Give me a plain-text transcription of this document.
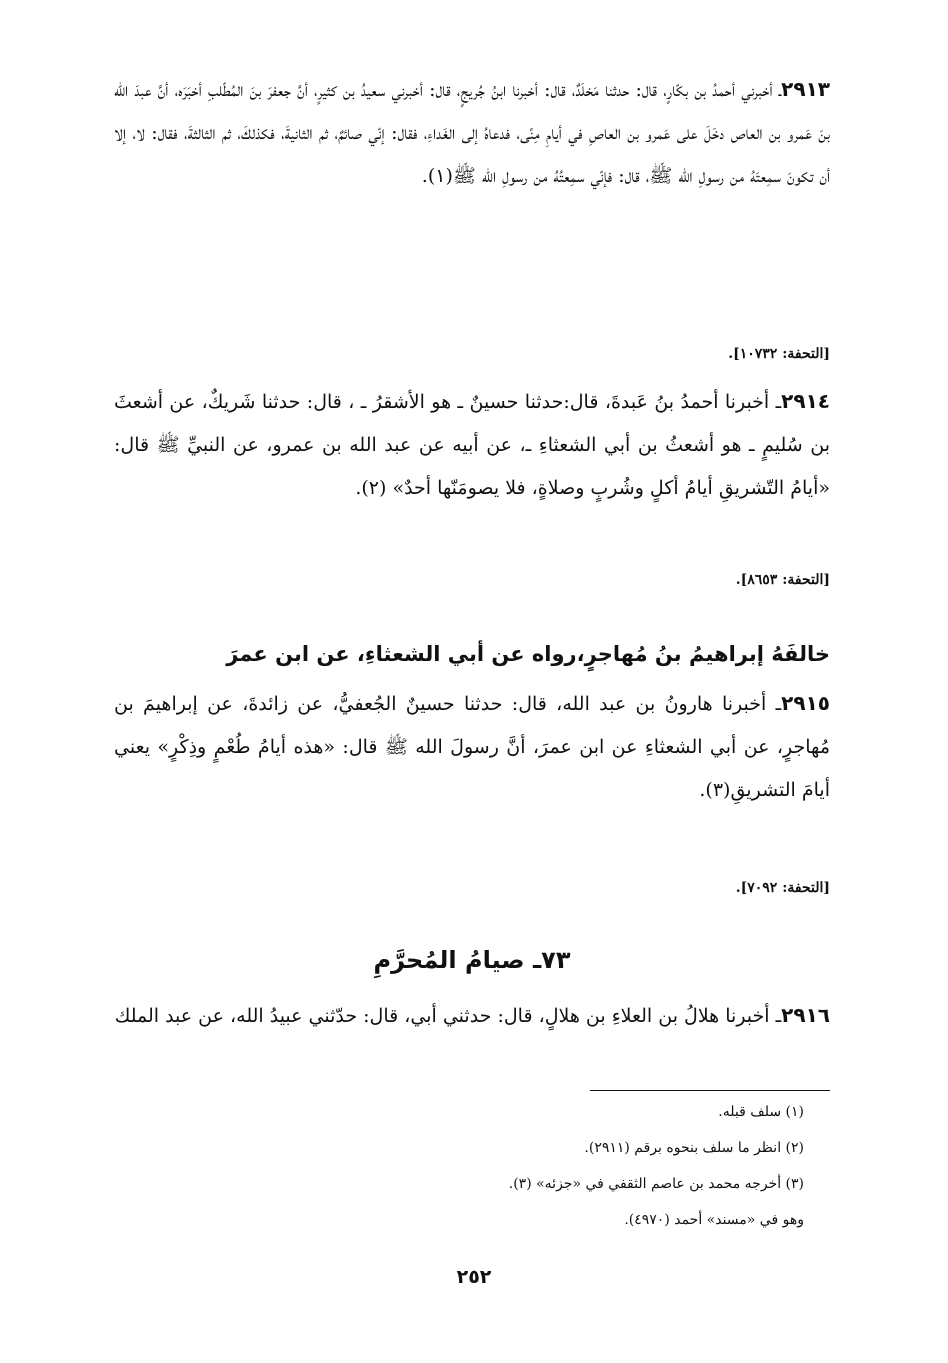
٢٩١٣ـ أخبرني أحمدُ بن بكّارٍ، قال: حدثنا مَخلَدٌ، قال: أخبرنا ابنُ جُريجٍ، قال: أخبرني سعيدُ بن كثيرٍ، أنَّ جعفرَ بنَ المُطّلبِ أخبَرَه، أنَّ عبدَ الله بنَ عَمرو بن العاص دخَلَ على عَمرو بن العاصِ في أيامِ مِنًى، فدعاهُ إلى الغَداءِ، فقال: إنّي صائمٌ، ثم الثانيةَ، فكذلكَ، ثم الثالثةَ، فقال: لا، إلا أن تكونَ سمِعتَهُ من رسولِ الله ﷺ، قال: فإنّي سمِعتُهُ من رسولِ الله ﷺ(١).

[التحفة: ١٠٧٣٢].

٢٩١٤ـ أخبرنا أحمدُ بنُ عَبدةَ، قال:حدثنا حسينٌ ـ هو الأشقرُ ـ ، قال: حدثنا شَريكٌ، عن أشعثَ بن سُليمٍ ـ هو أشعثُ بن أبي الشعثاءِ ـ، عن أبيه عن عبد الله بن عمرو، عن النبيِّ ﷺ قال: «أيامُ التّشريقِ أيامُ أكلٍ وشُربٍ وصلاةٍ، فلا يصومَنّها أحدٌ» (٢).

[التحفة: ٨٦٥٣].

خالفَهُ إبراهيمُ بنُ مُهاجرٍ،رواه عن أبي الشعثاءِ، عن ابن عمرَ

٢٩١٥ـ أخبرنا هارونُ بن عبد الله، قال: حدثنا حسينٌ الجُعفيُّ، عن زائدةَ، عن إبراهيمَ بن مُهاجرٍ، عن أبي الشعثاءِ عن ابن عمرَ، أنَّ رسولَ الله ﷺ قال: «هذه أيامُ طُعْمٍ وذِكْرٍ» يعني أيامَ التشريقِ(٣).

[التحفة: ٧٠٩٢].

٧٣ـ صيامُ المُحرَّمِ

٢٩١٦ـ أخبرنا هلالُ بن العلاءِ بن هلالٍ، قال: حدثني أبي، قال: حدّثني عبيدُ الله، عن عبد الملك

(١) سلف قبله.

(٢) انظر ما سلف بنحوه برقم (٢٩١١).

(٣) أخرجه محمد بن عاصم الثقفي في «جزئه» (٣).

وهو في «مسند» أحمد (٤٩٧٠).

٢٥٢
